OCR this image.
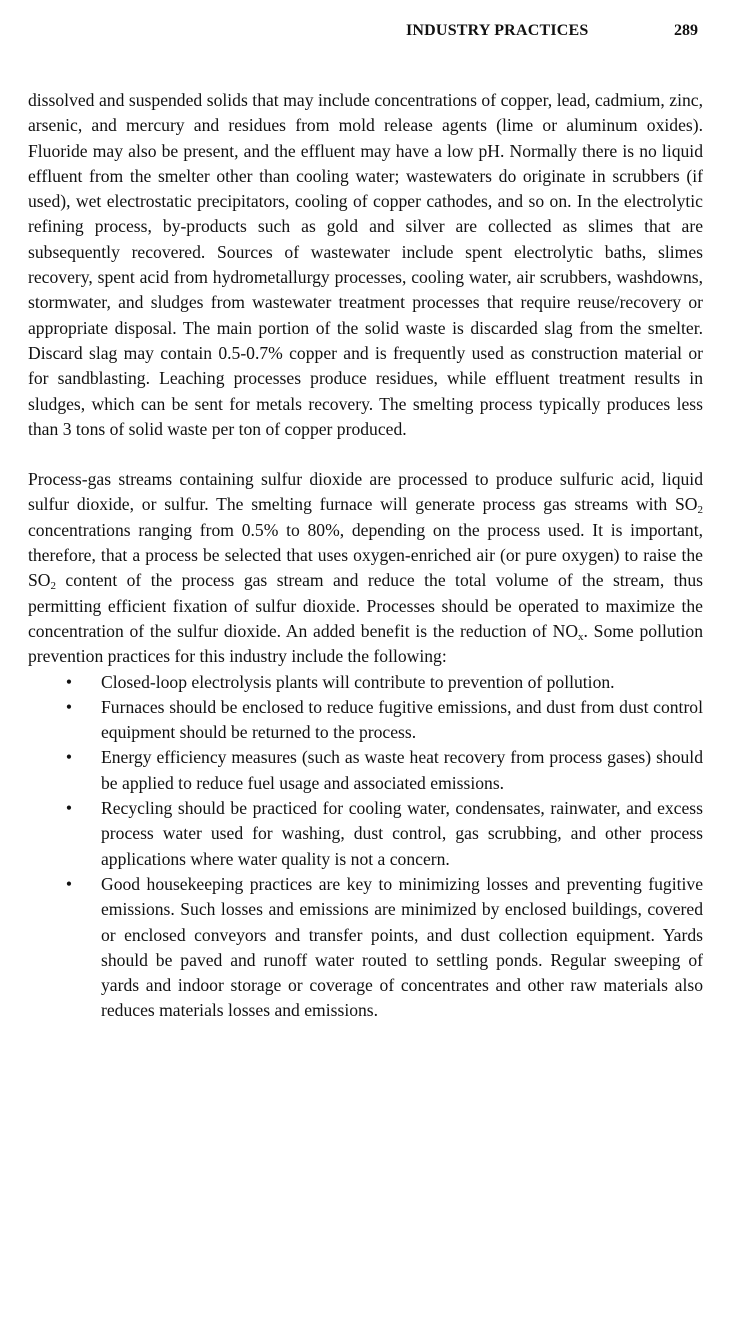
INDUSTRY PRACTICES	289

dissolved and suspended solids that may include concentrations of copper, lead, cadmium, zinc, arsenic, and mercury and residues from mold release agents (lime or aluminum oxides). Fluoride may also be present, and the effluent may have a low pH. Normally there is no liquid effluent from the smelter other than cooling water; wastewaters do originate in scrubbers (if used), wet electrostatic precipitators, cooling of copper cathodes, and so on. In the electrolytic refining process, by-products such as gold and silver are collected as slimes that are subsequently recovered. Sources of wastewater include spent electrolytic baths, slimes recovery, spent acid from hydrometallurgy processes, cooling water, air scrubbers, washdowns, stormwater, and sludges from wastewater treatment processes that require reuse/recovery or appropriate disposal. The main portion of the solid waste is discarded slag from the smelter. Discard slag may contain 0.5-0.7% copper and is frequently used as construction material or for sandblasting. Leaching processes produce residues, while effluent treatment results in sludges, which can be sent for metals recovery. The smelting process typically produces less than 3 tons of solid waste per ton of copper produced.

Process-gas streams containing sulfur dioxide are processed to produce sulfuric acid, liquid sulfur dioxide, or sulfur. The smelting furnace will generate process gas streams with $SO_2$ concentrations ranging from 0.5% to 80%, depending on the process used. It is important, therefore, that a process be selected that uses oxygen-enriched air (or pure oxygen) to raise the $SO_2$ content of the process gas stream and reduce the total volume of the stream, thus permitting efficient fixation of sulfur dioxide. Processes should be operated to maximize the concentration of the sulfur dioxide. An added benefit is the reduction of $NO_x$. Some pollution prevention practices for this industry include the following:

• Closed-loop electrolysis plants will contribute to prevention of pollution.
• Furnaces should be enclosed to reduce fugitive emissions, and dust from dust control equipment should be returned to the process.
• Energy efficiency measures (such as waste heat recovery from process gases) should be applied to reduce fuel usage and associated emissions.
• Recycling should be practiced for cooling water, condensates, rainwater, and excess process water used for washing, dust control, gas scrubbing, and other process applications where water quality is not a concern.
• Good housekeeping practices are key to minimizing losses and preventing fugitive emissions. Such losses and emissions are minimized by enclosed buildings, covered or enclosed conveyors and transfer points, and dust collection equipment. Yards should be paved and runoff water routed to settling ponds. Regular sweeping of yards and indoor storage or coverage of concentrates and other raw materials also reduces materials losses and emissions.
